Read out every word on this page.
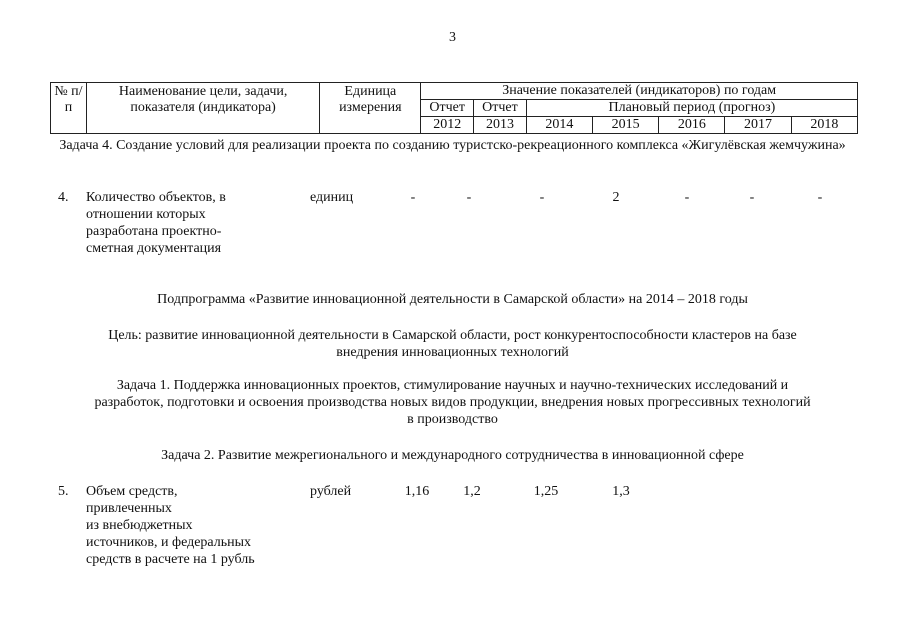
3
№ п/п	Наименование цели, задачи, показателя (индикатора)	Единица измерения	Значение показателей (индикаторов) по годам						
			Отчет	Отчет	Плановый период (прогноз)				
			2012	2013	2014	2015	2016	2017	2018
Задача 4. Создание условий для реализации проекта по созданию туристско-рекреационного комплекса «Жигулёвская жемчужина»
4. Количество объектов, в
отношении которых
разработана проектно-
сметная документация
единиц	-	-	-	2	-	-	-
Подпрограмма «Развитие инновационной деятельности в Самарской области» на 2014 – 2018 годы
Цель: развитие инновационной деятельности в Самарской области, рост конкурентоспособности кластеров на базе
внедрения инновационных технологий
Задача 1. Поддержка инновационных проектов, стимулирование научных и научно-технических исследований и
разработок, подготовки и освоения производства новых видов продукции, внедрения новых прогрессивных технологий
в производство
Задача 2. Развитие межрегионального и международного сотрудничества в инновационной сфере
5. Объем средств,
привлеченных
из внебюджетных
источников, и федеральных
средств в расчете на 1 рубль
рублей	1,16	1,2	1,25	1,3
